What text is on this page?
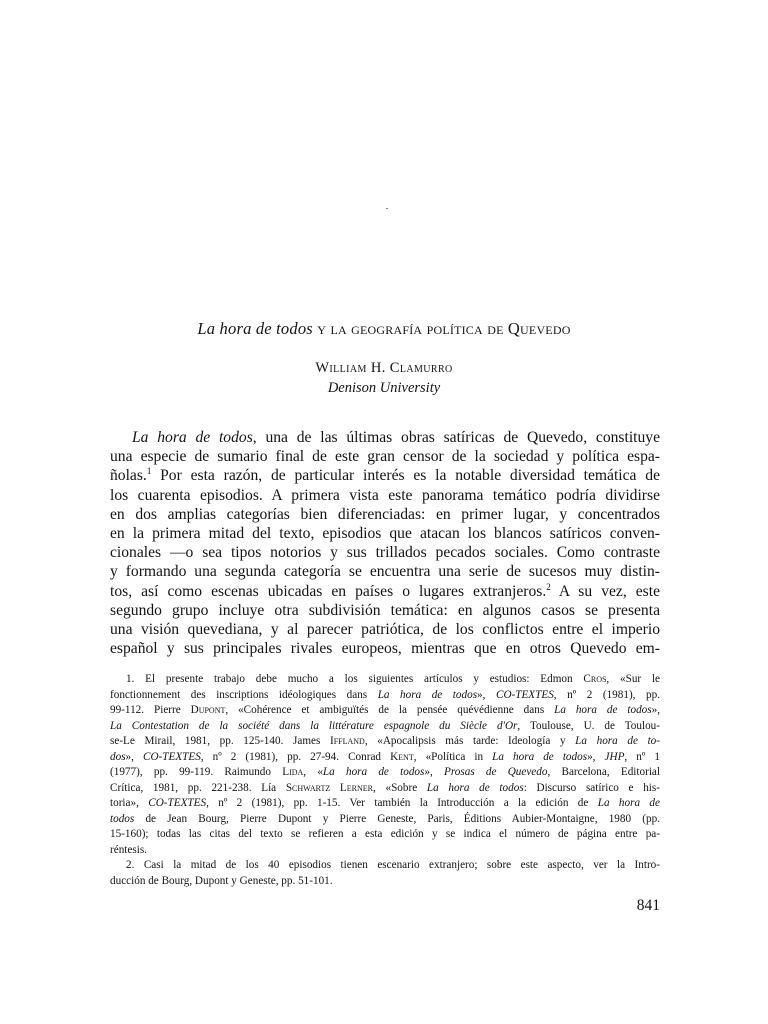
La hora de todos y la geografía política de Quevedo
William H. Clamurro
Denison University
La hora de todos, una de las últimas obras satíricas de Quevedo, constituye
una especie de sumario final de este gran censor de la sociedad y política espa-
ñolas.$^1$ Por esta razón, de particular interés es la notable diversidad temática de
los cuarenta episodios. A primera vista este panorama temático podría dividirse
en dos amplias categorías bien diferenciadas: en primer lugar, y concentrados
en la primera mitad del texto, episodios que atacan los blancos satíricos conven-
cionales —o sea tipos notorios y sus trillados pecados sociales. Como contraste
y formando una segunda categoría se encuentra una serie de sucesos muy distin-
tos, así como escenas ubicadas en países o lugares extranjeros.$^2$ A su vez, este
segundo grupo incluye otra subdivisión temática: en algunos casos se presenta
una visión quevediana, y al parecer patriótica, de los conflictos entre el imperio
español y sus principales rivales europeos, mientras que en otros Quevedo em-
1. El presente trabajo debe mucho a los siguientes artículos y estudios: Edmon Cros, «Sur le
fonctionnement des inscriptions idéologiques dans La hora de todos», CO-TEXTES, nº 2 (1981), pp.
99-112. Pierre Dupont, «Cohérence et ambiguïtés de la pensée quévédienne dans La hora de todos»,
La Contestation de la société dans la littérature espagnole du Siècle d'Or, Toulouse, U. de Toulou-
se-Le Mirail, 1981, pp. 125-140. James Iffland, «Apocalipsis más tarde: Ideología y La hora de to-
dos», CO-TEXTES, nº 2 (1981), pp. 27-94. Conrad Kent, «Política in La hora de todos», JHP, nº 1
(1977), pp. 99-119. Raimundo Lida, «La hora de todos», Prosas de Quevedo, Barcelona, Editorial
Crítica, 1981, pp. 221-238. Lía Schwartz Lerner, «Sobre La hora de todos: Discurso satírico e his-
toria», CO-TEXTES, nº 2 (1981), pp. 1-15. Ver también la Introducción a la edición de La hora de
todos de Jean Bourg, Pierre Dupont y Pierre Geneste, Paris, Éditions Aubier-Montaigne, 1980 (pp.
15-160); todas las citas del texto se refieren a esta edición y se indica el número de página entre pa-
réntesis.
2. Casi la mitad de los 40 episodios tienen escenario extranjero; sobre este aspecto, ver la Intro-
ducción de Bourg, Dupont y Geneste, pp. 51-101.
841
